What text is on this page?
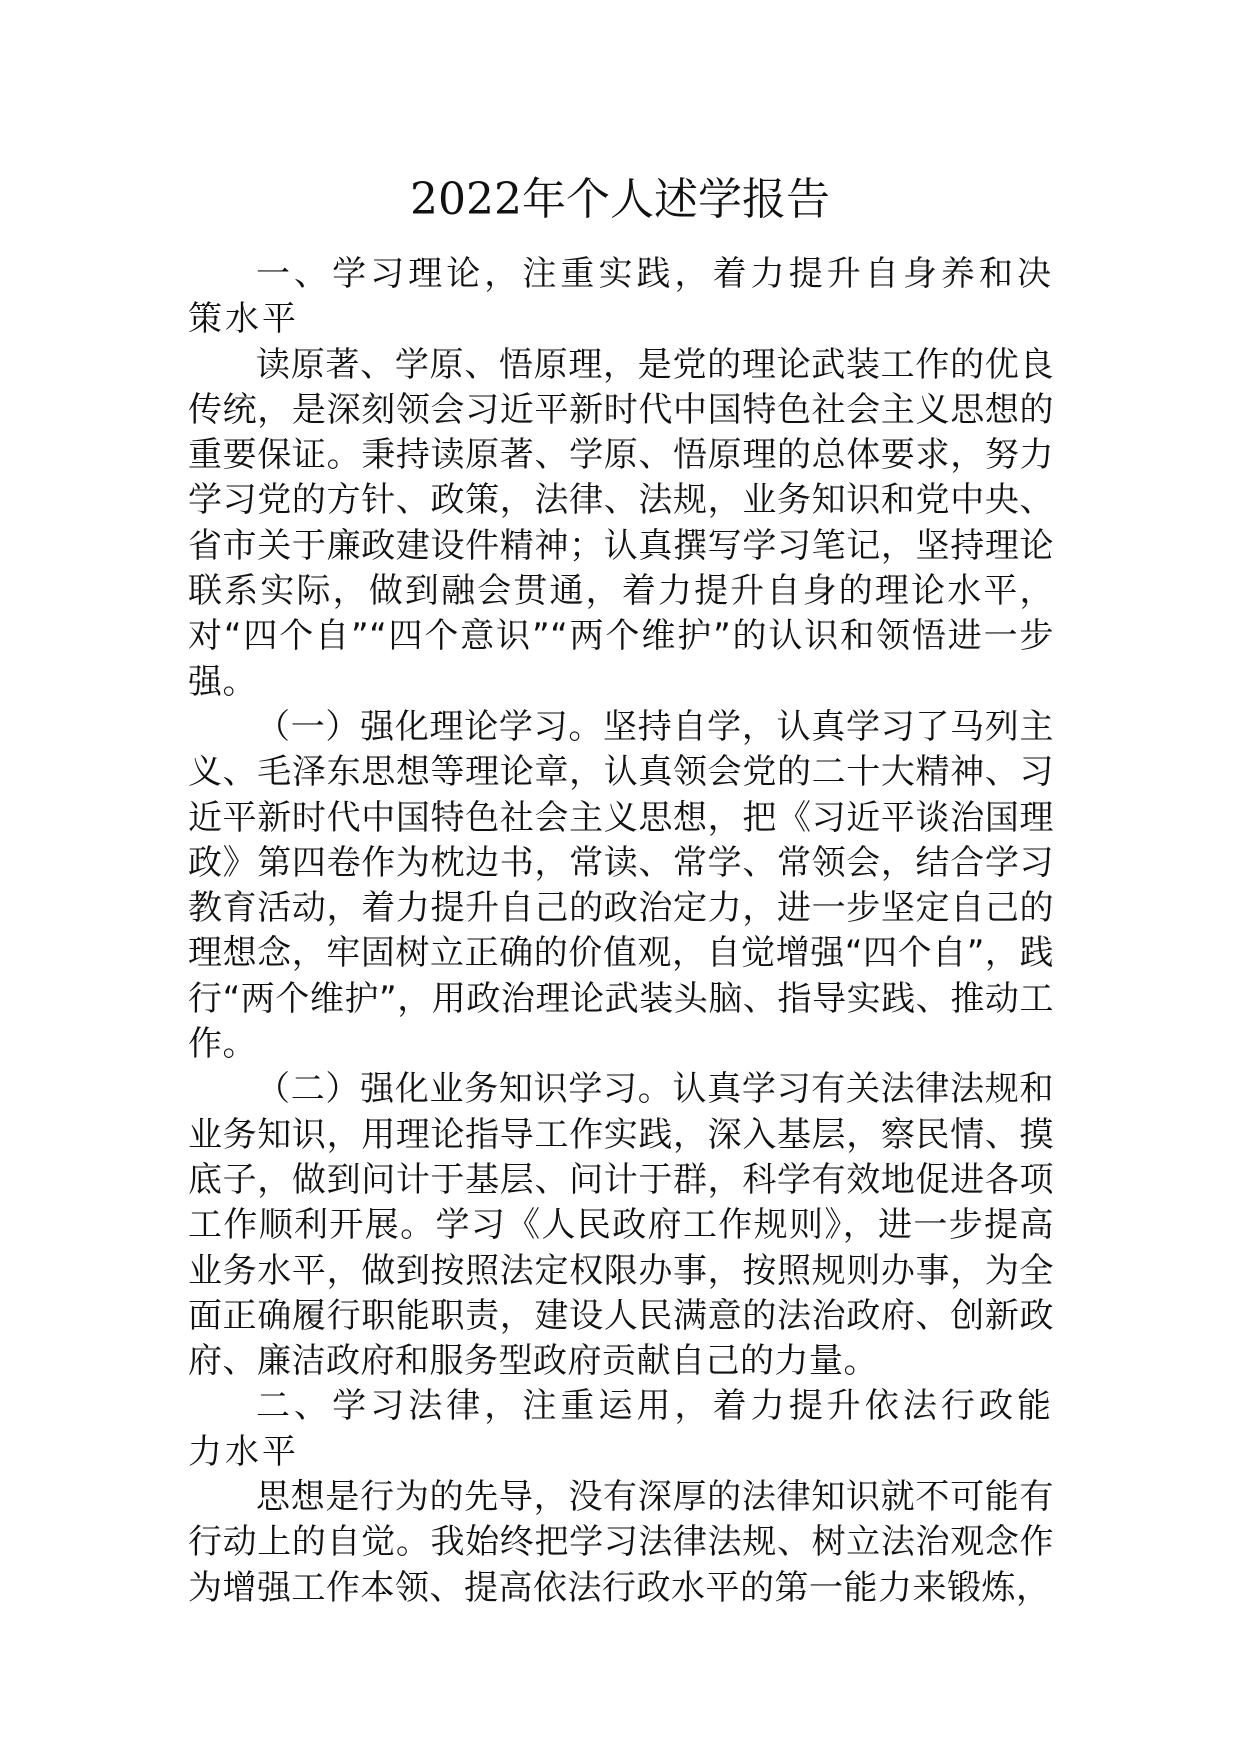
2022年个人述学报告

一、学习理论，注重实践，着力提升自身养和决策水平

读原著、学原、悟原理，是党的理论武装工作的优良传统，是深刻领会习近平新时代中国特色社会主义思想的重要保证。秉持读原著、学原、悟原理的总体要求，努力学习党的方针、政策，法律、法规，业务知识和党中央、省市关于廉政建设件精神；认真撰写学习笔记，坚持理论联系实际，做到融会贯通，着力提升自身的理论水平，对“四个自”“四个意识”“两个维护”的认识和领悟进一步强。

（一）强化理论学习。坚持自学，认真学习了马列主义、毛泽东思想等理论章，认真领会党的二十大精神、习近平新时代中国特色社会主义思想，把《习近平谈治国理政》第四卷作为枕边书，常读、常学、常领会，结合学习教育活动，着力提升自己的政治定力，进一步坚定自己的理想念，牢固树立正确的价值观，自觉增强“四个自”，践行“两个维护”，用政治理论武装头脑、指导实践、推动工作。

（二）强化业务知识学习。认真学习有关法律法规和业务知识，用理论指导工作实践，深入基层，察民情、摸底子，做到问计于基层、问计于群，科学有效地促进各项工作顺利开展。学习《人民政府工作规则》，进一步提高业务水平，做到按照法定权限办事，按照规则办事，为全面正确履行职能职责，建设人民满意的法治政府、创新政府、廉洁政府和服务型政府贡献自己的力量。

二、学习法律，注重运用，着力提升依法行政能力水平

思想是行为的先导，没有深厚的法律知识就不可能有行动上的自觉。我始终把学习法律法规、树立法治观念作为增强工作本领、提高依法行政水平的第一能力来锻炼，
